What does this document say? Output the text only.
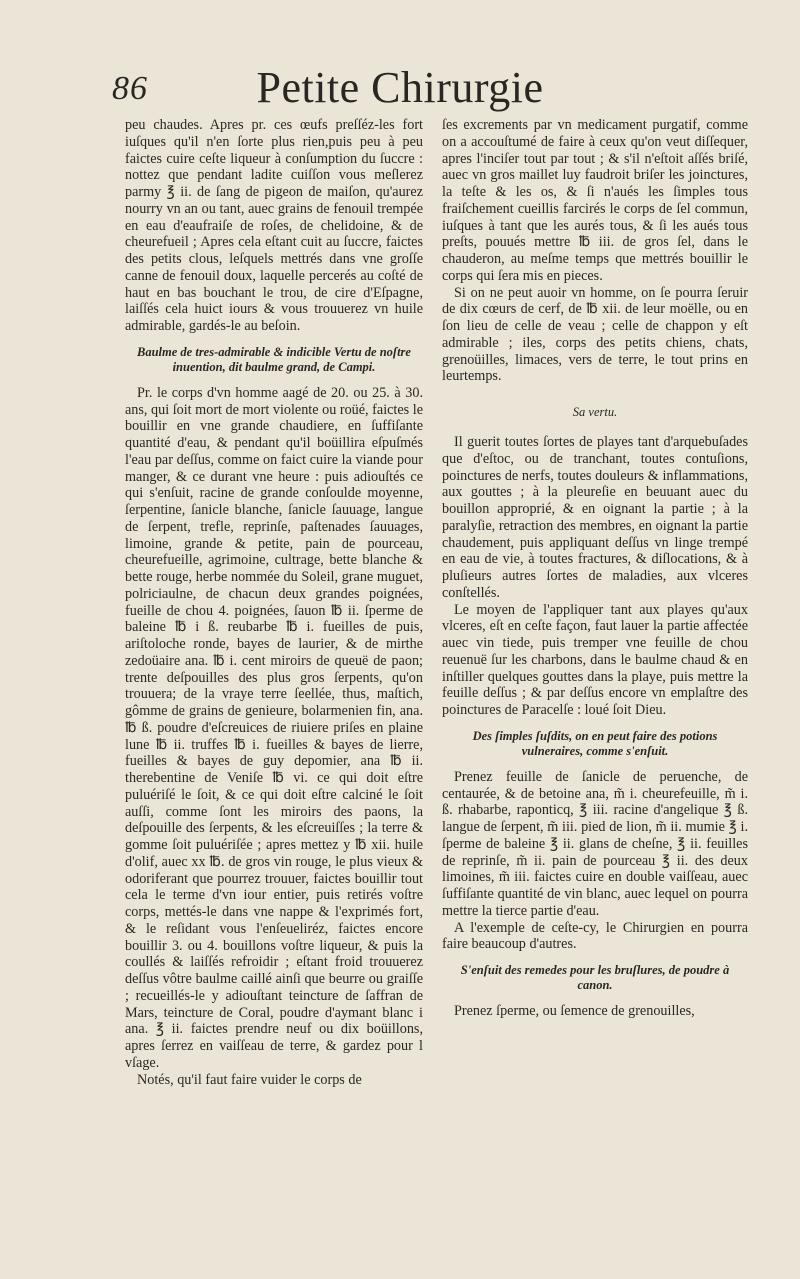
86	Petite Chirurgie

peu chaudes. Apres pr. ces œufs preſſéz-les fort iuſques qu'il n'en ſorte plus rien,puis peu à peu faictes cuire ceſte liqueur à conſumption du ſuccre : nottez que pendant ladite cuiſſon vous meſlerez parmy ℥ ii. de ſang de pigeon de maiſon, qu'aurez nourry vn an ou tant, auec grains de fenouil trempée en eau d'eaufraiſe de roſes, de chelidoine, & de cheurefueil ; Apres cela eſtant cuit au ſuccre, faictes des petits clous, leſquels mettrés dans vne groſſe canne de fenouil doux, laquelle percerés au coſté de haut en bas bouchant le trou, de cire d'Eſpagne, laiſſés cela huict iours & vous trouuerez vn huile admirable, gardés-le au beſoin.

Baulme de tres-admirable & indicible Vertu de noſtre inuention, dit baulme grand, de Campi.

Pr. le corps d'vn homme aagé de 20. ou 25. à 30. ans, qui ſoit mort de mort violente ou roüé, faictes le bouillir en vne grande chaudiere, en ſuffiſante quantité d'eau, & pendant qu'il boüillira eſpuſmés l'eau par deſſus, comme on faict cuire la viande pour manger, & ce durant vne heure : puis adiouſtés ce qui s'enſuit, racine de grande conſoulde moyenne, ſerpentine, ſanicle blanche, ſanicle ſauuage, langue de ſerpent, trefle, reprinſe, paſtenades ſauuages, limoine, grande & petite, pain de pourceau, cheurefueille, agrimoine, cultrage, bette blanche & bette rouge, herbe nommée du Soleil, grane muguet, polriciaulne, de chacun deux grandes poignées, fueille de chou 4. poignées, ſauon ℔ ii. ſperme de baleine ℔ i ß. reubarbe ℔ i. fueilles de puis, ariſtoloche ronde, bayes de laurier, & de mirthe zedoüaire ana. ℔ i. cent miroirs de queuë de paon; trente deſpouilles des plus gros ſerpents, qu'on trouuera; de la vraye terre ſeellée, thus, maſtich, gômme de grains de genieure, bolarmenien fin, ana. ℔ ß. poudre d'eſcreuices de riuiere priſes en plaine lune ℔ ii. truffes ℔ i. fueilles & bayes de lierre, fueilles & bayes de guy depomier, ana ℔ ii. therebentine de Veniſe ℔ vi. ce qui doit eſtre puluériſé le ſoit, & ce qui doit eſtre calciné le ſoit auſſi, comme ſont les miroirs des paons, la deſpouille des ſerpents, & les eſcreuiſſes ; la terre & gomme ſoit puluériſée ; apres mettez y ℔ xii. huile d'olif, auec xx ℔. de gros vin rouge, le plus vieux & odoriferant que pourrez trouuer, faictes bouillir tout cela le terme d'vn iour entier, puis retirés voſtre corps, mettés-le dans vne nappe & l'exprimés fort, & le reſidant vous l'enſeueliréz, faictes encore bouillir 3. ou 4. bouillons voſtre liqueur, & puis la coullés & laiſſés refroidir ; eſtant froid trouuerez deſſus vôtre baulme caillé ainſi que beurre ou graiſſe ; recueillés-le y adiouſtant teincture de ſaffran de Mars, teincture de Coral, poudre d'aymant blanc i ana. ℥ ii. faictes prendre neuf ou dix boüillons, apres ſerrez en vaiſſeau de terre, & gardez pour l vſage.

Notés, qu'il faut faire vuider le corps de

ſes excrements par vn medicament purgatif, comme on a accouſtumé de faire à ceux qu'on veut diſſequer, apres l'inciſer tout par tout ; & s'il n'eſtoit aſſés briſé, auec vn gros maillet luy faudroit briſer les joinctures, la teſte & les os, & ſi n'aués les ſimples tous fraiſchement cueillis farcirés le corps de ſel commun, iuſques à tant que les aurés tous, & ſi les aués tous preſts, pouués mettre ℔ iii. de gros ſel, dans le chauderon, au meſme temps que mettrés bouillir le corps qui ſera mis en pieces.

Si on ne peut auoir vn homme, on ſe pourra ſeruir de dix cœurs de cerf, de ℔ xii. de leur moëlle, ou en ſon lieu de celle de veau ; celle de chappon y eſt admirable ; iles, corps des petits chiens, chats, grenoüilles, limaces, vers de terre, le tout prins en leurtemps.

Sa vertu.

Il guerit toutes ſortes de playes tant d'arquebuſades que d'eſtoc, ou de tranchant, toutes contuſions, poinctures de nerfs, toutes douleurs & inflammations, aux gouttes ; à la pleureſie en beuuant auec du bouillon approprié, & en oignant la partie ; à la paralyſie, retraction des membres, en oignant la partie chaudement, puis appliquant deſſus vn linge trempé en eau de vie, à toutes fractures, & diſlocations, & à pluſieurs autres ſortes de maladies, aux vlceres conſtellés.

Le moyen de l'appliquer tant aux playes qu'aux vlceres, eſt en ceſte façon, faut lauer la partie affectée auec vin tiede, puis tremper vne feuille de chou reuenuë ſur les charbons, dans le baulme chaud & en inſtiller quelques gouttes dans la playe, puis mettre la feuille deſſus ; & par deſſus encore vn emplaſtre des poinctures de Paracelſe : loué ſoit Dieu.

Des ſimples ſuſdits, on en peut faire des potions vulneraires, comme s'enſuit.

Prenez feuille de ſanicle de peruenche, de centaurée, & de betoine ana, m̃ i. cheurefeuille, m̃ i. ß. rhabarbe, raponticq, ℥ iii. racine d'angelique ℥ ß. langue de ſerpent, m̃ iii. pied de lion, m̃ ii. mumie ℥ i. ſperme de baleine ℥ ii. glans de cheſne, ℥ ii. feuilles de reprinſe, m̃ ii. pain de pourceau ℥ ii. des deux limoines, m̃ iii. faictes cuire en double vaiſſeau, auec ſuffiſante quantité de vin blanc, auec lequel on pourra mettre la tierce partie d'eau.

A l'exemple de ceſte-cy, le Chirurgien en pourra faire beaucoup d'autres.

S'enſuit des remedes pour les bruſlures, de poudre à canon.

Prenez ſperme, ou ſemence de grenouilles,
